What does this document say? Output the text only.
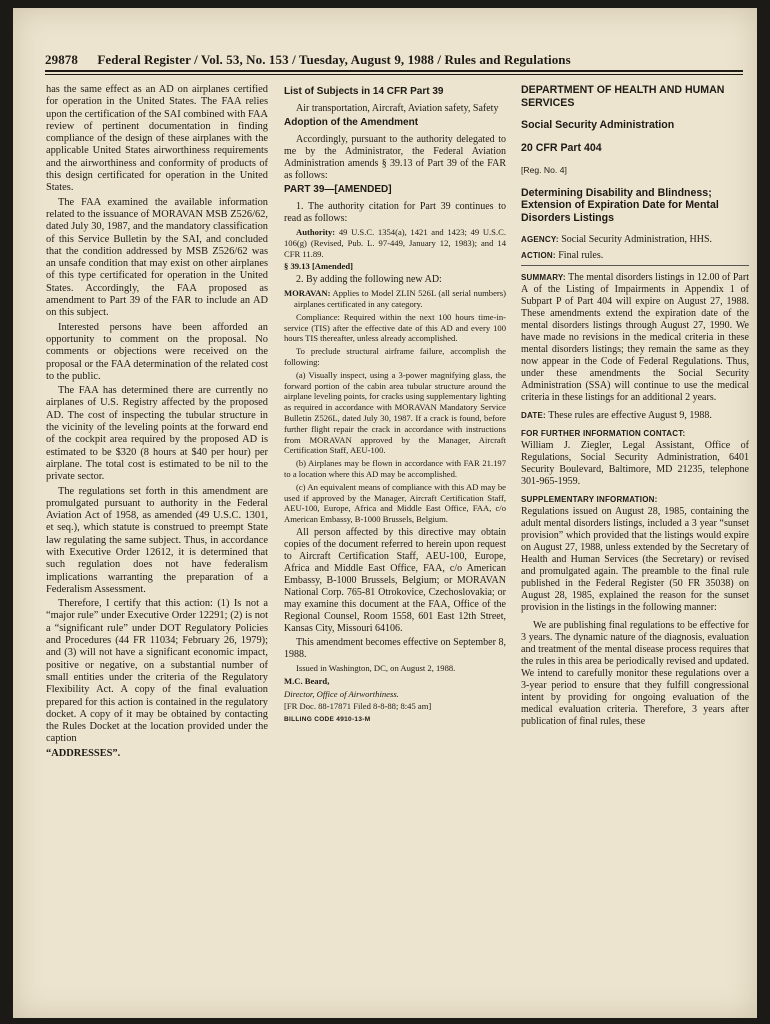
29878 Federal Register / Vol. 53, No. 153 / Tuesday, August 9, 1988 / Rules and Regulations

has the same effect as an AD on airplanes certified for operation in the United States. The FAA relies upon the certification of the SAI combined with FAA review of pertinent documentation in finding compliance of the design of these airplanes with the applicable United States airworthiness requirements and the airworthiness and conformity of products of this design certificated for operation in the United States.

The FAA examined the available information related to the issuance of MORAVAN MSB Z526/62, dated July 30, 1987, and the mandatory classification of this Service Bulletin by the SAI, and concluded that the condition addressed by MSB Z526/62 was an unsafe condition that may exist on other airplanes of this type certificated for operation in the United States. Accordingly, the FAA proposed as amendment to Part 39 of the FAR to include an AD on this subject.

Interested persons have been afforded an opportunity to comment on the proposal. No comments or objections were received on the proposal or the FAA determination of the related cost to the public.

The FAA has determined there are currently no airplanes of U.S. Registry affected by the proposed AD. The cost of inspecting the tubular structure in the vicinity of the leveling points at the forward end of the cockpit area required by the proposed AD is estimated to be $320 (8 hours at $40 per hour) per airplane. The total cost is estimated to be nil to the private sector.

The regulations set forth in this amendment are promulgated pursuant to authority in the Federal Aviation Act of 1958, as amended (49 U.S.C. 1301, et seq.), which statute is construed to preempt State law regulating the same subject. Thus, in accordance with Executive Order 12612, it is determined that such regulation does not have federalism implications warranting the preparation of a Federalism Assessment.

Therefore, I certify that this action: (1) Is not a “major rule” under Executive Order 12291; (2) is not a “significant rule” under DOT Regulatory Policies and Procedures (44 FR 11034; February 26, 1979); and (3) will not have a significant economic impact, positive or negative, on a substantial number of small entities under the criteria of the Regulatory Flexibility Act. A copy of the final evaluation prepared for this action is contained in the regulatory docket. A copy of it may be obtained by contacting the Rules Docket at the location provided under the caption

“ADDRESSES”.

List of Subjects in 14 CFR Part 39

Air transportation, Aircraft, Aviation safety, Safety

Adoption of the Amendment

Accordingly, pursuant to the authority delegated to me by the Administrator, the Federal Aviation Administration amends § 39.13 of Part 39 of the FAR as follows:

PART 39—[AMENDED]

1. The authority citation for Part 39 continues to read as follows:

Authority: 49 U.S.C. 1354(a), 1421 and 1423; 49 U.S.C. 106(g) (Revised, Pub. L. 97-449, January 12, 1983); and 14 CFR 11.89.

§ 39.13 [Amended]

2. By adding the following new AD:

MORAVAN: Applies to Model ZLIN 526L (all serial numbers) airplanes certificated in any category.

Compliance: Required within the next 100 hours time-in-service (TIS) after the effective date of this AD and every 100 hours TIS thereafter, unless already accomplished.

To preclude structural airframe failure, accomplish the following:

(a) Visually inspect, using a 3-power magnifying glass, the forward portion of the cabin area tubular structure around the airplane leveling points, for cracks using supplementary lighting as required in accordance with MORAVAN Mandatory Service Bulletin Z526L, dated July 30, 1987. If a crack is found, before further flight repair the crack in accordance with instructions from MORAVAN approved by the Manager, Aircraft Certification Staff, AEU-100.

(b) Airplanes may be flown in accordance with FAR 21.197 to a location where this AD may be accomplished.

(c) An equivalent means of compliance with this AD may be used if approved by the Manager, Aircraft Certification Staff, AEU-100, Europe, Africa and Middle East Office, FAA, c/o American Embassy, B-1000 Brussels, Belgium.

All person affected by this directive may obtain copies of the document referred to herein upon request to Aircraft Certification Staff, AEU-100, Europe, Africa and Middle East Office, FAA, c/o American Embassy, B-1000 Brussels, Belgium; or MORAVAN National Corp. 765-81 Otrokovice, Czechoslovakia; or may examine this document at the FAA, Office of the Regional Counsel, Room 1558, 601 East 12th Street, Kansas City, Missouri 64106.

This amendment becomes effective on September 8, 1988.

Issued in Washington, DC, on August 2, 1988.

M.C. Beard,

Director, Office of Airworthiness.

[FR Doc. 88-17871 Filed 8-8-88; 8:45 am]

BILLING CODE 4910-13-M
DEPARTMENT OF HEALTH AND HUMAN SERVICES
Social Security Administration
20 CFR Part 404
[Reg. No. 4]
Determining Disability and Blindness; Extension of Expiration Date for Mental Disorders Listings

AGENCY: Social Security Administration, HHS.

ACTION: Final rules.

SUMMARY: The mental disorders listings in 12.00 of Part A of the Listing of Impairments in Appendix 1 of Subpart P of Part 404 will expire on August 27, 1988. These amendments extend the expiration date of the mental disorders listings through August 27, 1990. We have made no revisions in the medical criteria in these mental disorders listings; they remain the same as they now appear in the Code of Federal Regulations. Thus, under these amendments the Social Security Administration (SSA) will continue to use the medical criteria in these listings for an additional 2 years.

DATE: These rules are effective August 9, 1988.

FOR FURTHER INFORMATION CONTACT:
William J. Ziegler, Legal Assistant, Office of Regulations, Social Security Administration, 6401 Security Boulevard, Baltimore, MD 21235, telephone 301-965-1959.

SUPPLEMENTARY INFORMATION:
Regulations issued on August 28, 1985, containing the adult mental disorders listings, included a 3 year “sunset provision” which provided that the listings would expire on August 27, 1988, unless extended by the Secretary of Health and Human Services (the Secretary) or revised and promulgated again. The preamble to the final rule published in the Federal Register (50 FR 35038) on August 28, 1985, explained the reason for the sunset provision in the listings in the following manner:

We are publishing final regulations to be effective for 3 years. The dynamic nature of the diagnosis, evaluation and treatment of the mental disease process requires that the rules in this area be periodically revised and updated. We intend to carefully monitor these regulations over a 3-year period to ensure that they fulfill congressional intent by providing for ongoing evaluation of the medical evaluation criteria. Therefore, 3 years after publication of final rules, these
